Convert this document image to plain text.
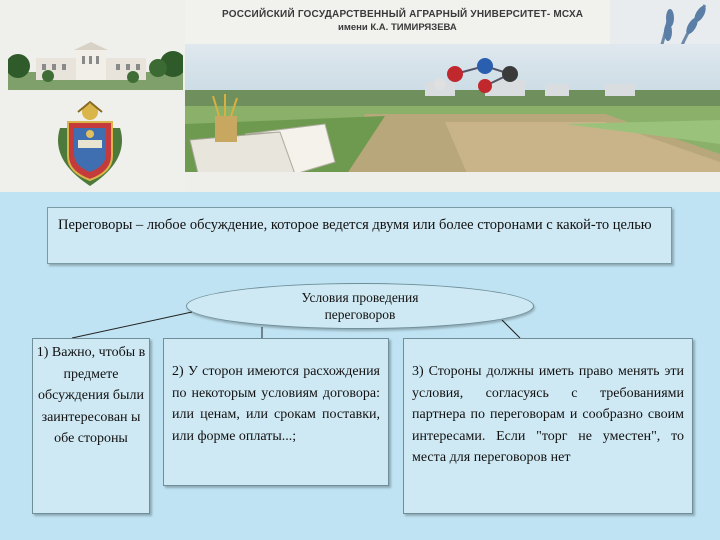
РОССИЙСКИЙ ГОСУДАРСТВЕННЫЙ АГРАРНЫЙ УНИВЕРСИТЕТ- МСХА
имени К.А. ТИМИРЯЗЕВА
Переговоры – любое обсуждение, которое ведется двумя или более сторонами с какой-то целью
Условия проведения
переговоров
1) Важно, чтобы в предмете обсуждения были заинтересован ы обе стороны
2) У сторон имеются расхождения по некоторым условиям договора: или ценам, или срокам поставки, или форме оплаты...;
3) Стороны должны иметь право менять эти условия, согласуясь с требованиями партнера по переговорам и сообразно своим интересами. Если "торг не уместен", то места для переговоров нет
